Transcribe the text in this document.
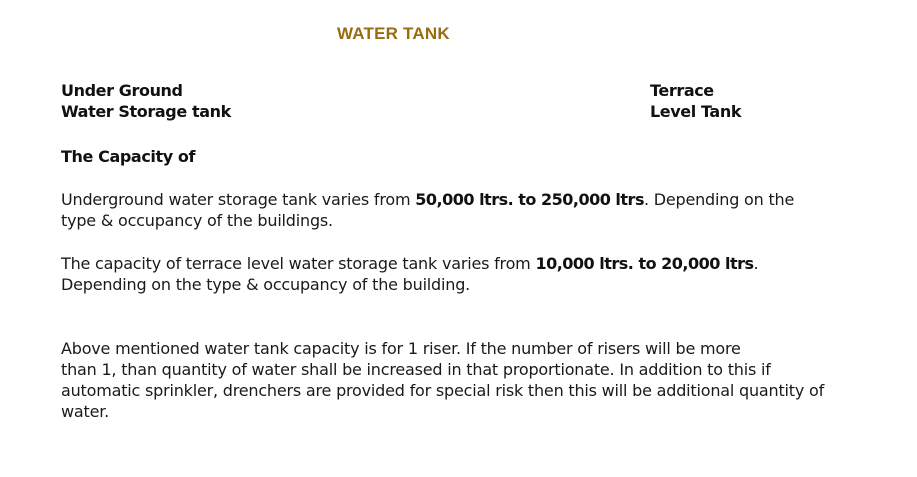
WATER TANK
Under Ground
Water Storage tank
Terrace
Level Tank
The Capacity of
Underground water storage tank varies from 50,000 ltrs. to 250,000 ltrs. Depending on the type & occupancy of the buildings.
The capacity of terrace level water storage tank varies from 10,000 ltrs. to 20,000 ltrs. Depending on the type & occupancy of the building.
Above mentioned water tank capacity is for 1 riser. If the number of risers will be more
than 1, than quantity of water shall be increased in that proportionate. In addition to this if
automatic sprinkler, drenchers are provided for special risk then this will be additional quantity of
water.
